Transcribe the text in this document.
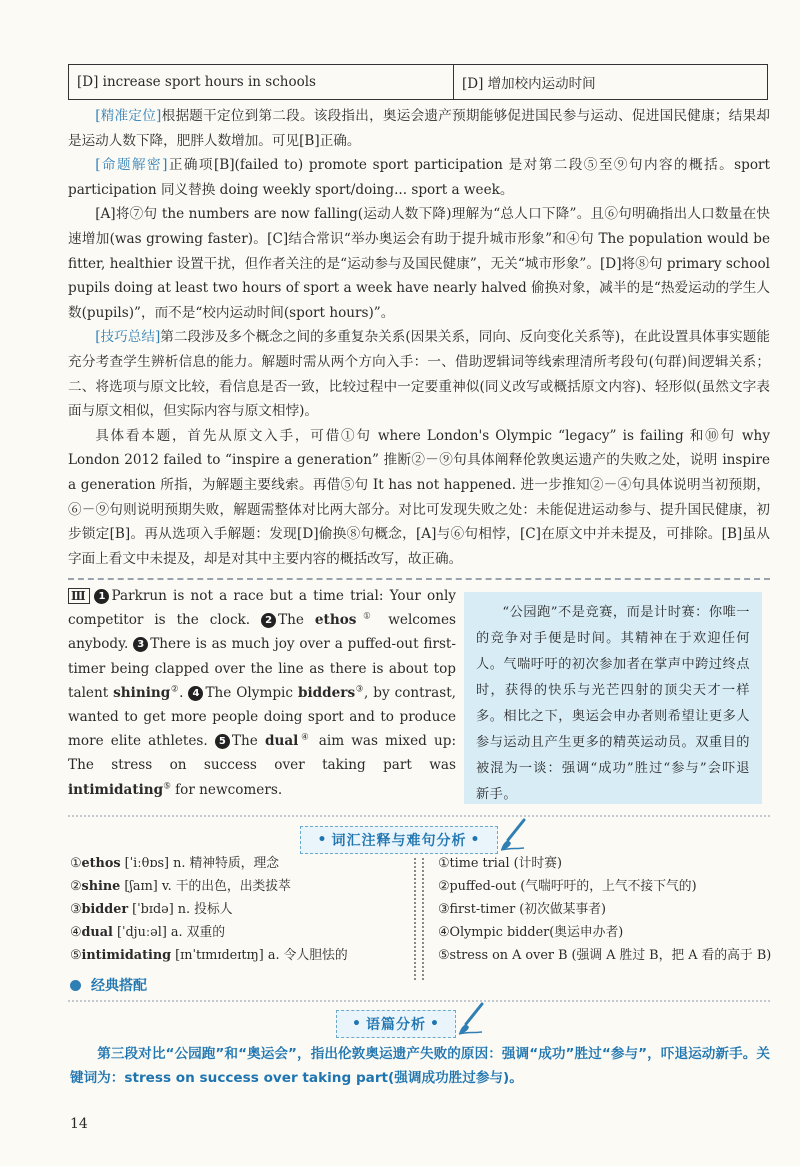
[D] increase sport hours in schools	[D] 增加校内运动时间

[精准定位]根据题干定位到第二段。该段指出，奥运会遗产预期能够促进国民参与运动、促进国民健康；结果却是运动人数下降，肥胖人数增加。可见[B]正确。

[命题解密]正确项[B](failed to) promote sport participation 是对第二段⑤至⑨句内容的概括。sport participation 同义替换 doing weekly sport/doing... sport a week。

[A]将⑦句 the numbers are now falling(运动人数下降)理解为“总人口下降”。且⑥句明确指出人口数量在快速增加(was growing faster)。[C]结合常识“举办奥运会有助于提升城市形象”和④句 The population would be fitter, healthier 设置干扰，但作者关注的是“运动参与及国民健康”，无关“城市形象”。[D]将⑧句 primary school pupils doing at least two hours of sport a week have nearly halved 偷换对象，减半的是“热爱运动的学生人数(pupils)”，而不是“校内运动时间(sport hours)”。

[技巧总结]第二段涉及多个概念之间的多重复杂关系(因果关系，同向、反向变化关系等)，在此设置具体事实题能充分考查学生辨析信息的能力。解题时需从两个方向入手：一、借助逻辑词等线索理清所考段句(句群)间逻辑关系；二、将选项与原文比较，看信息是否一致，比较过程中一定要重神似(同义改写或概括原文内容)、轻形似(虽然文字表面与原文相似，但实际内容与原文相悖)。

具体看本题，首先从原文入手，可借①句 where London's Olympic “legacy” is failing 和⑩句 why London 2012 failed to “inspire a generation” 推断②－⑨句具体阐释伦敦奥运遗产的失败之处，说明 inspire a generation 所指，为解题主要线索。再借⑤句 It has not happened. 进一步推知②－④句具体说明当初预期，⑥－⑨句则说明预期失败，解题需整体对比两大部分。对比可发现失败之处：未能促进运动参与、提升国民健康，初步锁定[B]。再从选项入手解题：发现[D]偷换⑧句概念，[A]与⑥句相悖，[C]在原文中并未提及，可排除。[B]虽从字面上看文中未提及，却是对其中主要内容的概括改写，故正确。

Ⅲ 1 Parkrun is not a race but a time trial: Your only competitor is the clock. 2 The ethos① welcomes anybody. 3 There is as much joy over a puffed-out first-timer being clapped over the line as there is about top talent shining②. 4 The Olympic bidders③, by contrast, wanted to get more people doing sport and to produce more elite athletes. 5 The dual④ aim was mixed up: The stress on success over taking part was intimidating⑤ for newcomers.
“公园跑”不是竞赛，而是计时赛：你唯一的竞争对手便是时间。其精神在于欢迎任何人。气喘吁吁的初次参加者在掌声中跨过终点时，获得的快乐与光芒四射的顶尖天才一样多。相比之下，奥运会申办者则希望让更多人参与运动且产生更多的精英运动员。双重目的被混为一谈：强调“成功”胜过“参与”会吓退新手。
• 词汇注释与难句分析 •
①ethos [ˈiːθɒs] n. 精神特质，理念
②shine [ʃaɪn] v. 干的出色，出类拔萃
③bidder [ˈbɪdə] n. 投标人
④dual [ˈdjuːəl] a. 双重的
⑤intimidating [ɪnˈtɪmɪdeɪtɪŋ] a. 令人胆怯的
①time trial (计时赛)
②puffed-out (气喘吁吁的，上气不接下气的)
③first-timer (初次做某事者)
④Olympic bidder(奥运申办者)
⑤stress on A over B (强调 A 胜过 B，把 A 看的高于 B)
经典搭配
• 语篇分析 •
第三段对比“公园跑”和“奥运会”，指出伦敦奥运遗产失败的原因：强调“成功”胜过“参与”，吓退运动新手。关键词为：stress on success over taking part(强调成功胜过参与)。
14
